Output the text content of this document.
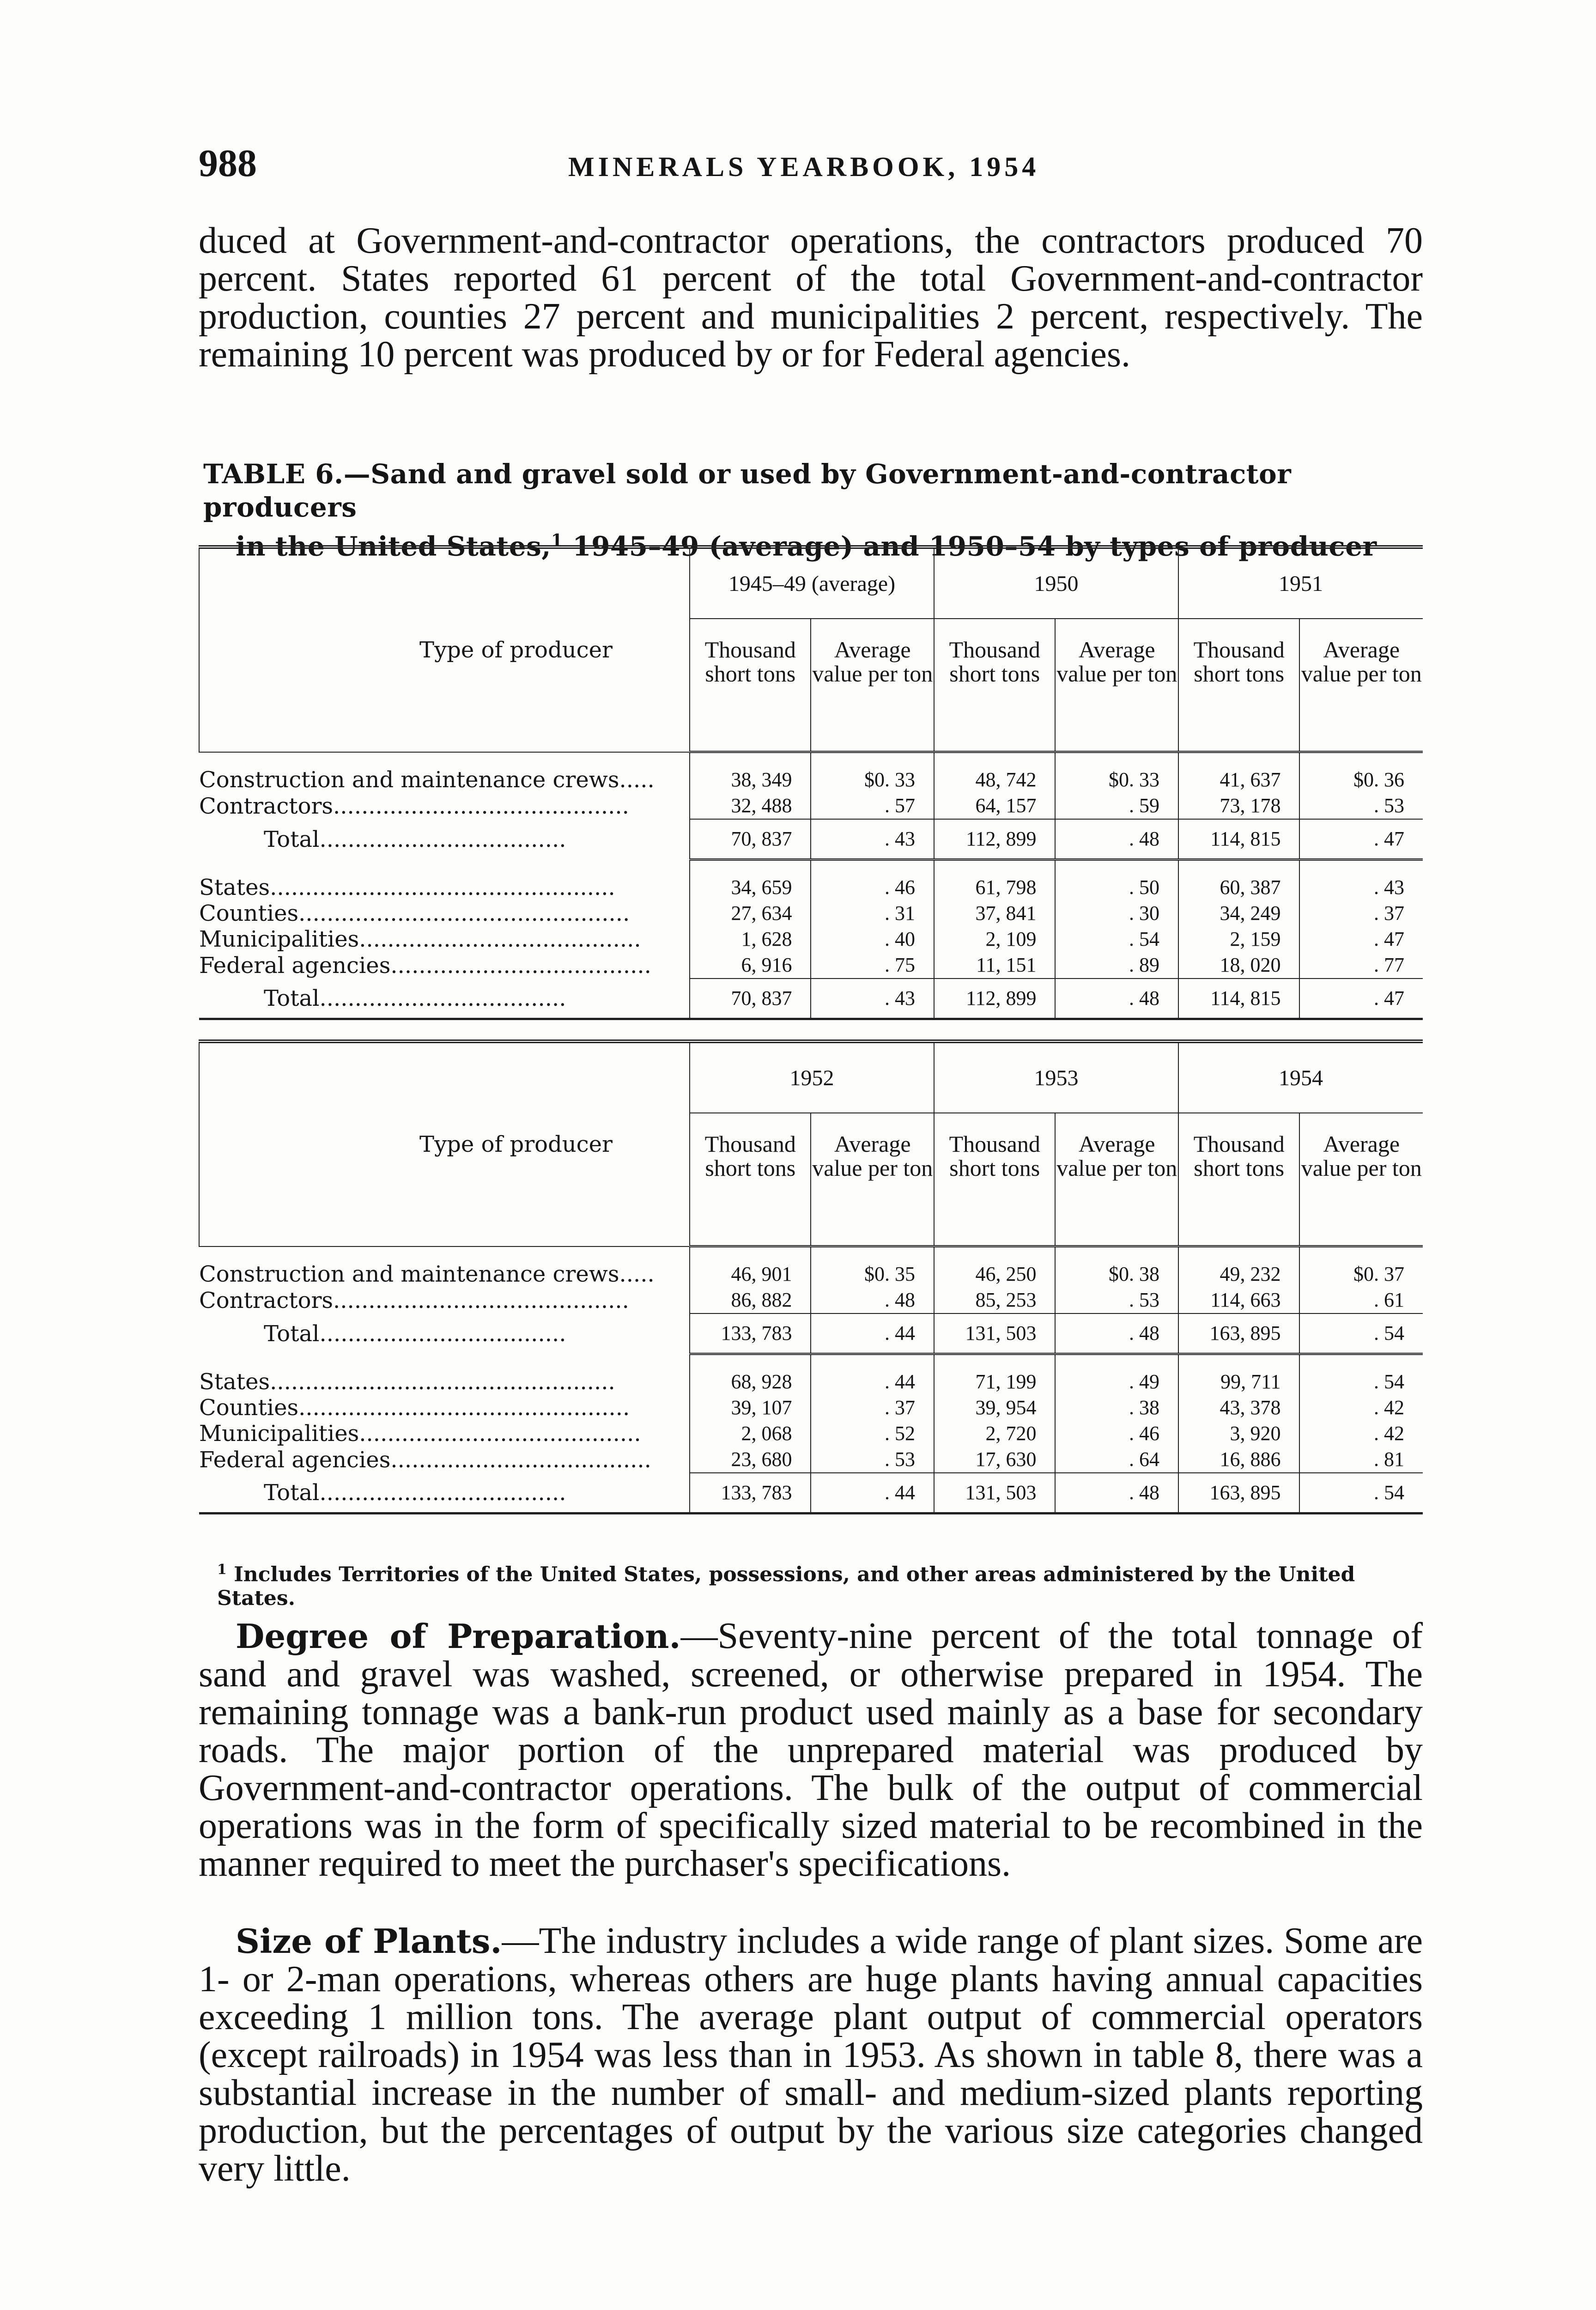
988	MINERALS YEARBOOK, 1954

duced at Government-and-contractor operations, the contractors produced 70 percent. States reported 61 percent of the total Government-and-contractor production, counties 27 percent and municipalities 2 percent, respectively. The remaining 10 percent was produced by or for Federal agencies.

TABLE 6.—Sand and gravel sold or used by Government-and-contractor producers
in the United States,$^1$ 1945–49 (average) and 1950–54 by types of producer
Type of producer	1945–49 (average)		1950		1951	
	Thousand short tons	Average value per ton	Thousand short tons	Average value per ton	Thousand short tons	Average value per ton

Construction and maintenance crews.....	38, 349	$0. 33	48, 742	$0. 33	41, 637	$0. 36
Contractors..........................................	32, 488	. 57	64, 157	. 59	73, 178	. 53
Total...................................	70, 837	. 43	112, 899	. 48	114, 815	. 47

States.................................................	34, 659	. 46	61, 798	. 50	60, 387	. 43
Counties...............................................	27, 634	. 31	37, 841	. 30	34, 249	. 37
Municipalities........................................	1, 628	. 40	2, 109	. 54	2, 159	. 47
Federal agencies.....................................	6, 916	. 75	11, 151	. 89	18, 020	. 77
Total...................................	70, 837	. 43	112, 899	. 48	114, 815	. 47
Type of producer	1952		1953		1954	
	Thousand short tons	Average value per ton	Thousand short tons	Average value per ton	Thousand short tons	Average value per ton

Construction and maintenance crews.....	46, 901	$0. 35	46, 250	$0. 38	49, 232	$0. 37
Contractors..........................................	86, 882	. 48	85, 253	. 53	114, 663	. 61
Total...................................	133, 783	. 44	131, 503	. 48	163, 895	. 54

States.................................................	68, 928	. 44	71, 199	. 49	99, 711	. 54
Counties...............................................	39, 107	. 37	39, 954	. 38	43, 378	. 42
Municipalities........................................	2, 068	. 52	2, 720	. 46	3, 920	. 42
Federal agencies.....................................	23, 680	. 53	17, 630	. 64	16, 886	. 81
Total...................................	133, 783	. 44	131, 503	. 48	163, 895	. 54
$^1$ Includes Territories of the United States, possessions, and other areas administered by the United States.

Degree of Preparation.—Seventy-nine percent of the total tonnage of sand and gravel was washed, screened, or otherwise prepared in 1954. The remaining tonnage was a bank-run product used mainly as a base for secondary roads. The major portion of the unprepared material was produced by Government-and-contractor operations. The bulk of the output of commercial operations was in the form of specifically sized material to be recombined in the manner required to meet the purchaser's specifications.

Size of Plants.—The industry includes a wide range of plant sizes. Some are 1- or 2-man operations, whereas others are huge plants having annual capacities exceeding 1 million tons. The average plant output of commercial operators (except railroads) in 1954 was less than in 1953. As shown in table 8, there was a substantial increase in the number of small- and medium-sized plants reporting production, but the percentages of output by the various size categories changed very little.
